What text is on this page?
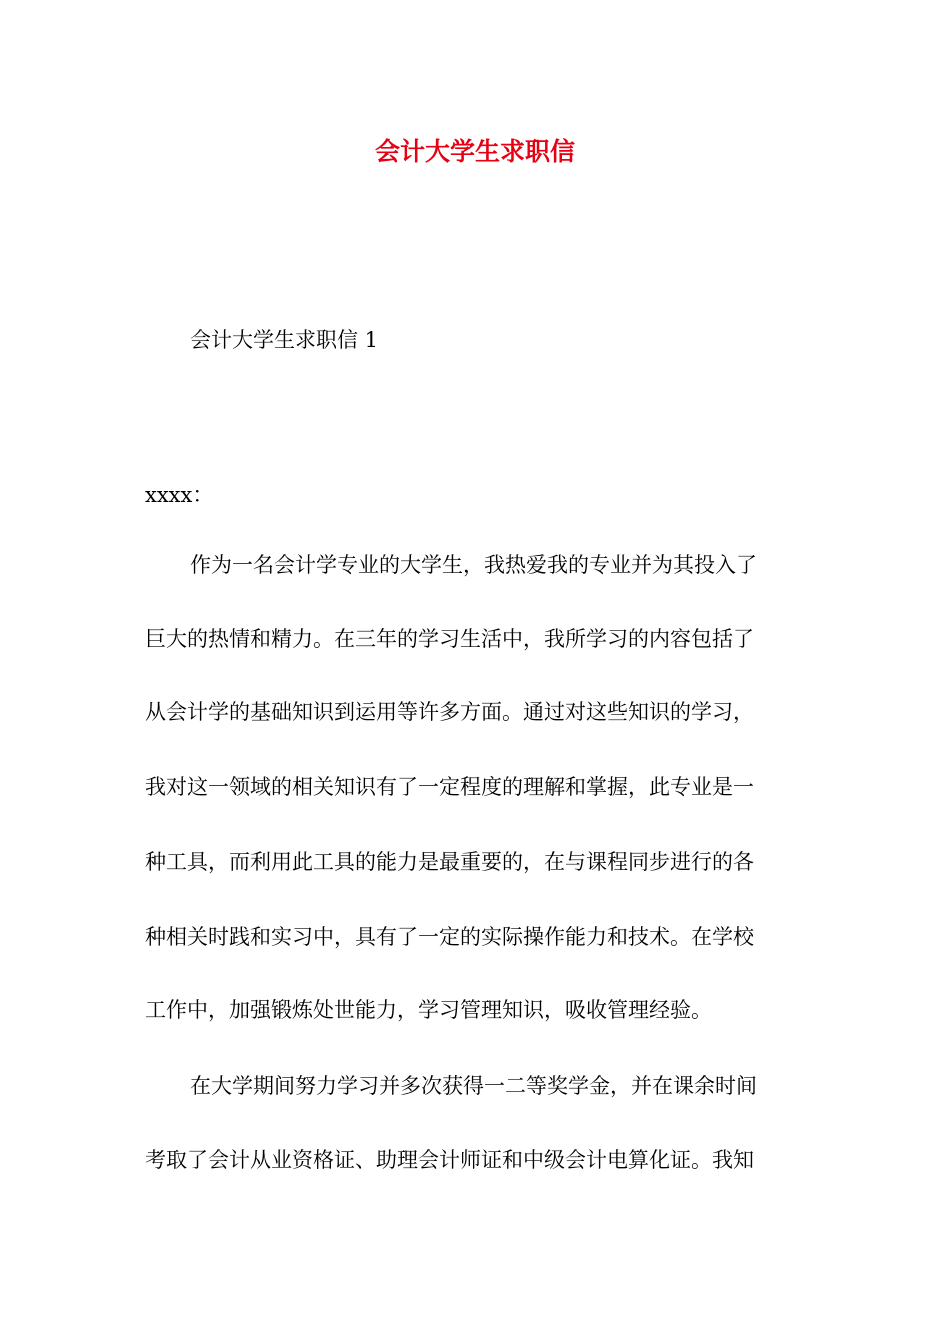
会计大学生求职信

会计大学生求职信 1

xxxx：

作为一名会计学专业的大学生，我热爱我的专业并为其投入了

巨大的热情和精力。在三年的学习生活中，我所学习的内容包括了

从会计学的基础知识到运用等许多方面。通过对这些知识的学习，

我对这一领域的相关知识有了一定程度的理解和掌握，此专业是一

种工具，而利用此工具的能力是最重要的，在与课程同步进行的各

种相关时践和实习中，具有了一定的实际操作能力和技术。在学校

工作中，加强锻炼处世能力，学习管理知识，吸收管理经验。

在大学期间努力学习并多次获得一二等奖学金，并在课余时间

考取了会计从业资格证、助理会计师证和中级会计电算化证。我知
